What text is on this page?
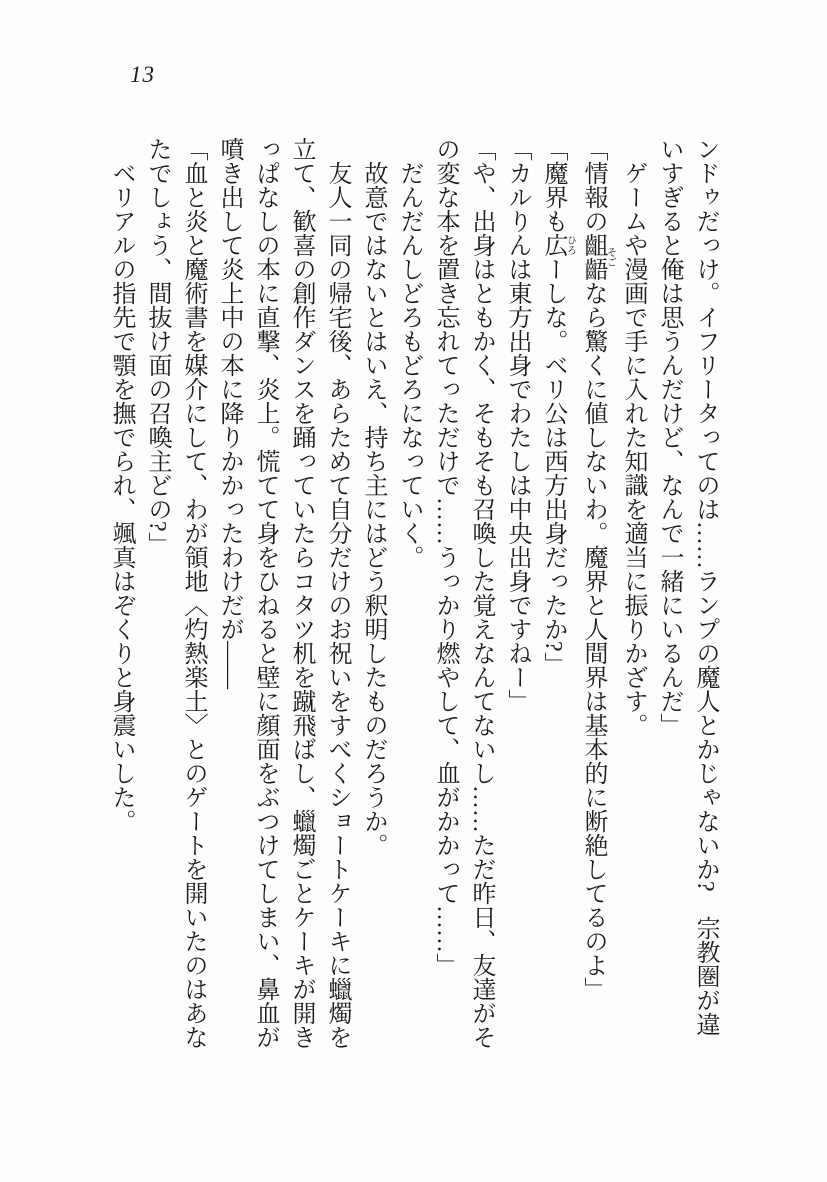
13

ンドゥだっけ。イフリータってのは……ランプの魔人とかじゃないか?　宗教圏が違いすぎると俺は思うんだけど、なんで一緒にいるんだ」

ゲームや漫画で手に入れた知識を適当に振りかざす。

「情報の齟齬そごなら驚くに値しないわ。魔界と人間界は基本的に断絶してるのよ」

「魔界も広ひろーしな。ベリ公は西方出身だったか?」

「カルりんは東方出身でわたしは中央出身ですねー」

「や、出身はともかく、そもそも召喚した覚えなんてないし……ただ昨日、友達がその変な本を置き忘れてっただけで……うっかり燃やして、血がかかって……」

だんだんしどろもどろになっていく。

故意ではないとはいえ、持ち主にはどう釈明したものだろうか。

友人一同の帰宅後、あらためて自分だけのお祝いをすべくショートケーキに蠟燭を立て、歓喜の創作ダンスを踊っていたらコタツ机を蹴飛ばし、蠟燭ごとケーキが開きっぱなしの本に直撃、炎上。慌てて身をひねると壁に顔面をぶつけてしまい、鼻血が噴き出して炎上中の本に降りかかったわけだが――

「血と炎と魔術書を媒介にして、わが領地〈灼熱楽土〉とのゲートを開いたのはあなたでしょう、間抜け面の召喚主どの?」

ベリアルの指先で顎を撫でられ、颯真はぞくりと身震いした。
